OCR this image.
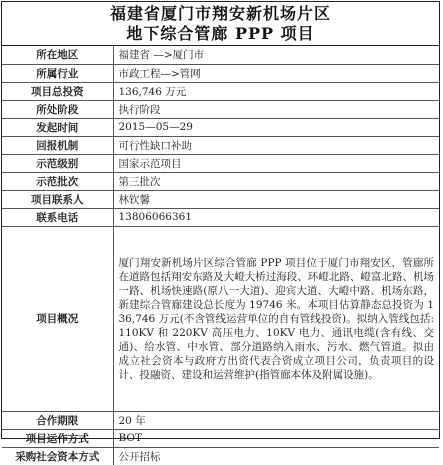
福建省厦门市翔安新机场片区
地下综合管廊 PPP 项目
所在地区	福建省 —>厦门市
所属行业	市政工程—>管网
项目总投资	136,746 万元
所处阶段	执行阶段
发起时间	2015—05—29
回报机制	可行性缺口补助
示范级别	国家示范项目
示范批次	第三批次
项目联系人	林钦馨
联系电话	13806066361
项目概况	厦门翔安新机场片区综合管廊 PPP 项目位于厦门市翔安区，管廊所在道路包括翔安东路及大嶝大桥过海段、环嶝北路、嶝富北路、机场一路、机场快速路(原八一大道)、迎宾大道、大嶝中路、机场东路，新建综合管廊建设总长度为 19746 米。本项目估算静态总投资为 136,746 万元(不含管线运营单位的自有管线投资)。拟纳入管线包括:110KV 和 220KV 高压电力、10KV 电力、通讯电缆(含有线、交通)、给水管、中水管、部分道路纳入雨水、污水、燃气管道。拟由成立社会资本与政府方出资代表合资成立项目公司，负责项目的设计、投融资、建设和运营维护(指管廊本体及附属设施)。
合作期限	20 年
项目运作方式	BOT
采购社会资本方式	公开招标
